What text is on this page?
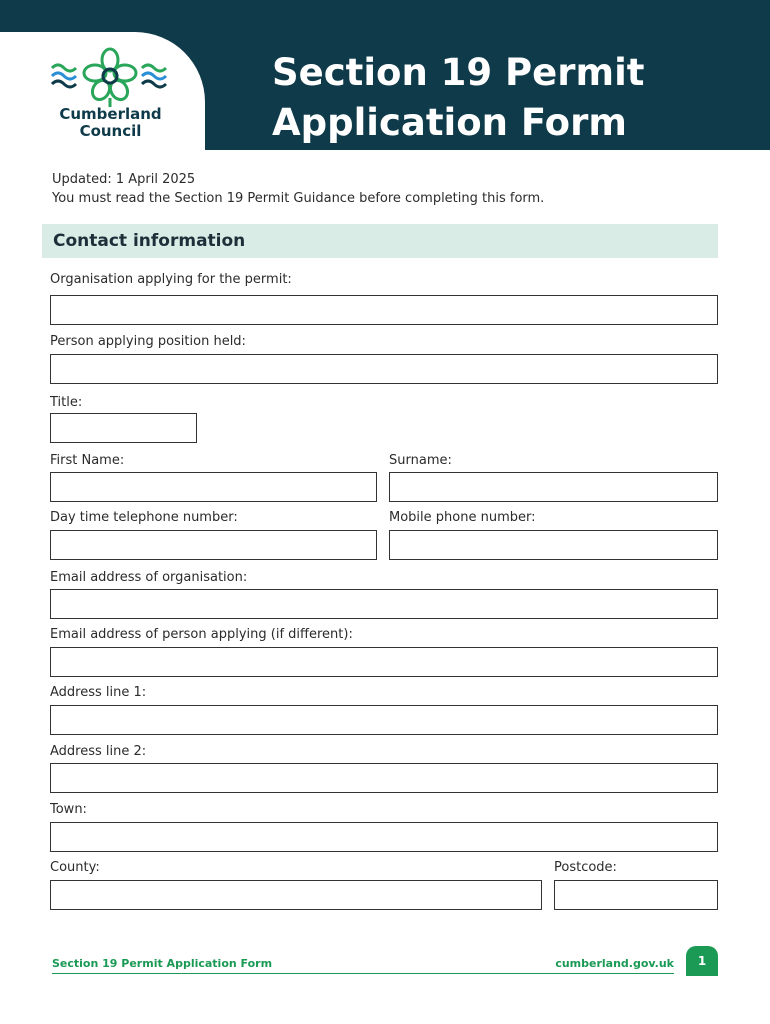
Cumberland
Council
Section 19 Permit
Application Form
Updated: 1 April 2025
You must read the Section 19 Permit Guidance before completing this form.
Contact information
Organisation applying for the permit:
Person applying position held:
Title:
First Name:	Surname:
Day time telephone number:	Mobile phone number:
Email address of organisation:
Email address of person applying (if different):
Address line 1:
Address line 2:
Town:
County:	Postcode:
Section 19 Permit Application Form	cumberland.gov.uk	1
